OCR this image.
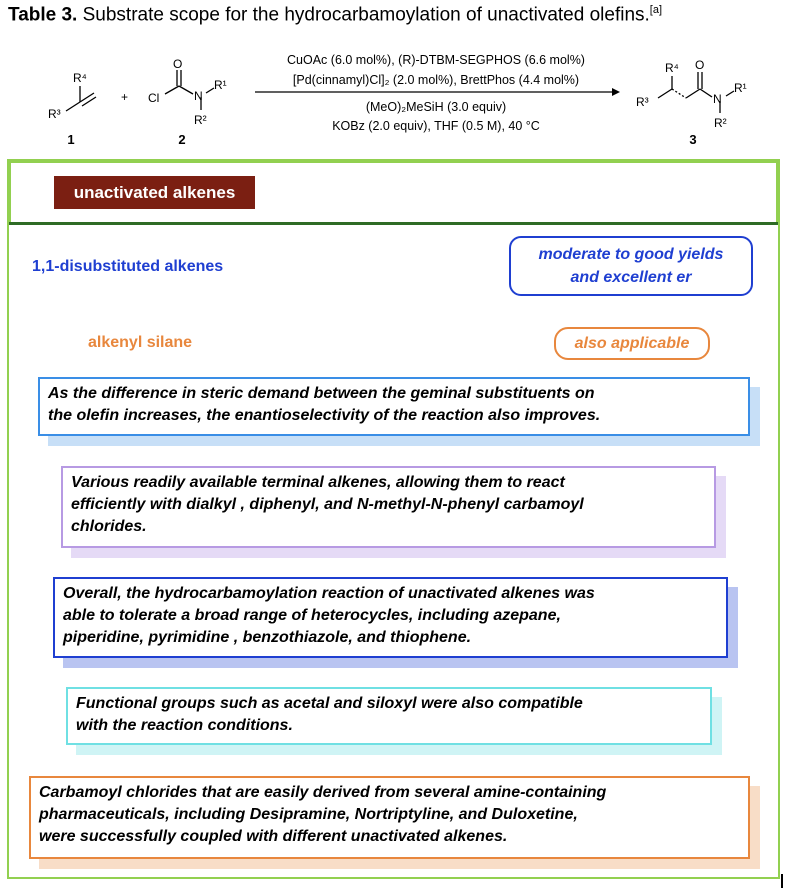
Table 3. Substrate scope for the hydrocarbamoylation of unactivated olefins.[a]
R⁴
R³
1
+
O
Cl	N
R¹
R²
2
CuOAc (6.0 mol%), (R)-DTBM-SEGPHOS (6.6 mol%)
[Pd(cinnamyl)Cl]₂ (2.0 mol%), BrettPhos (4.4 mol%)
(MeO)₂MeSiH (3.0 equiv)
KOBz (2.0 equiv), THF (0.5 M), 40 °C
R⁴
R³
O
N
R¹
R²
3
unactivated alkenes
1,1-disubstituted alkenes
moderate to good yields
and excellent er
alkenyl silane	also applicable
As the difference in steric demand between the geminal substituents on
the olefin increases, the enantioselectivity of the reaction also improves.
Various readily available terminal alkenes, allowing them to react
efficiently with dialkyl , diphenyl, and N-methyl-N-phenyl carbamoyl
chlorides.
Overall, the hydrocarbamoylation reaction of unactivated alkenes was
able to tolerate a broad range of heterocycles, including azepane,
piperidine, pyrimidine , benzothiazole, and thiophene.
Functional groups such as acetal and siloxyl were also compatible
with the reaction conditions.
Carbamoyl chlorides that are easily derived from several amine-containing
pharmaceuticals, including Desipramine, Nortriptyline, and Duloxetine,
were successfully coupled with different unactivated alkenes.
